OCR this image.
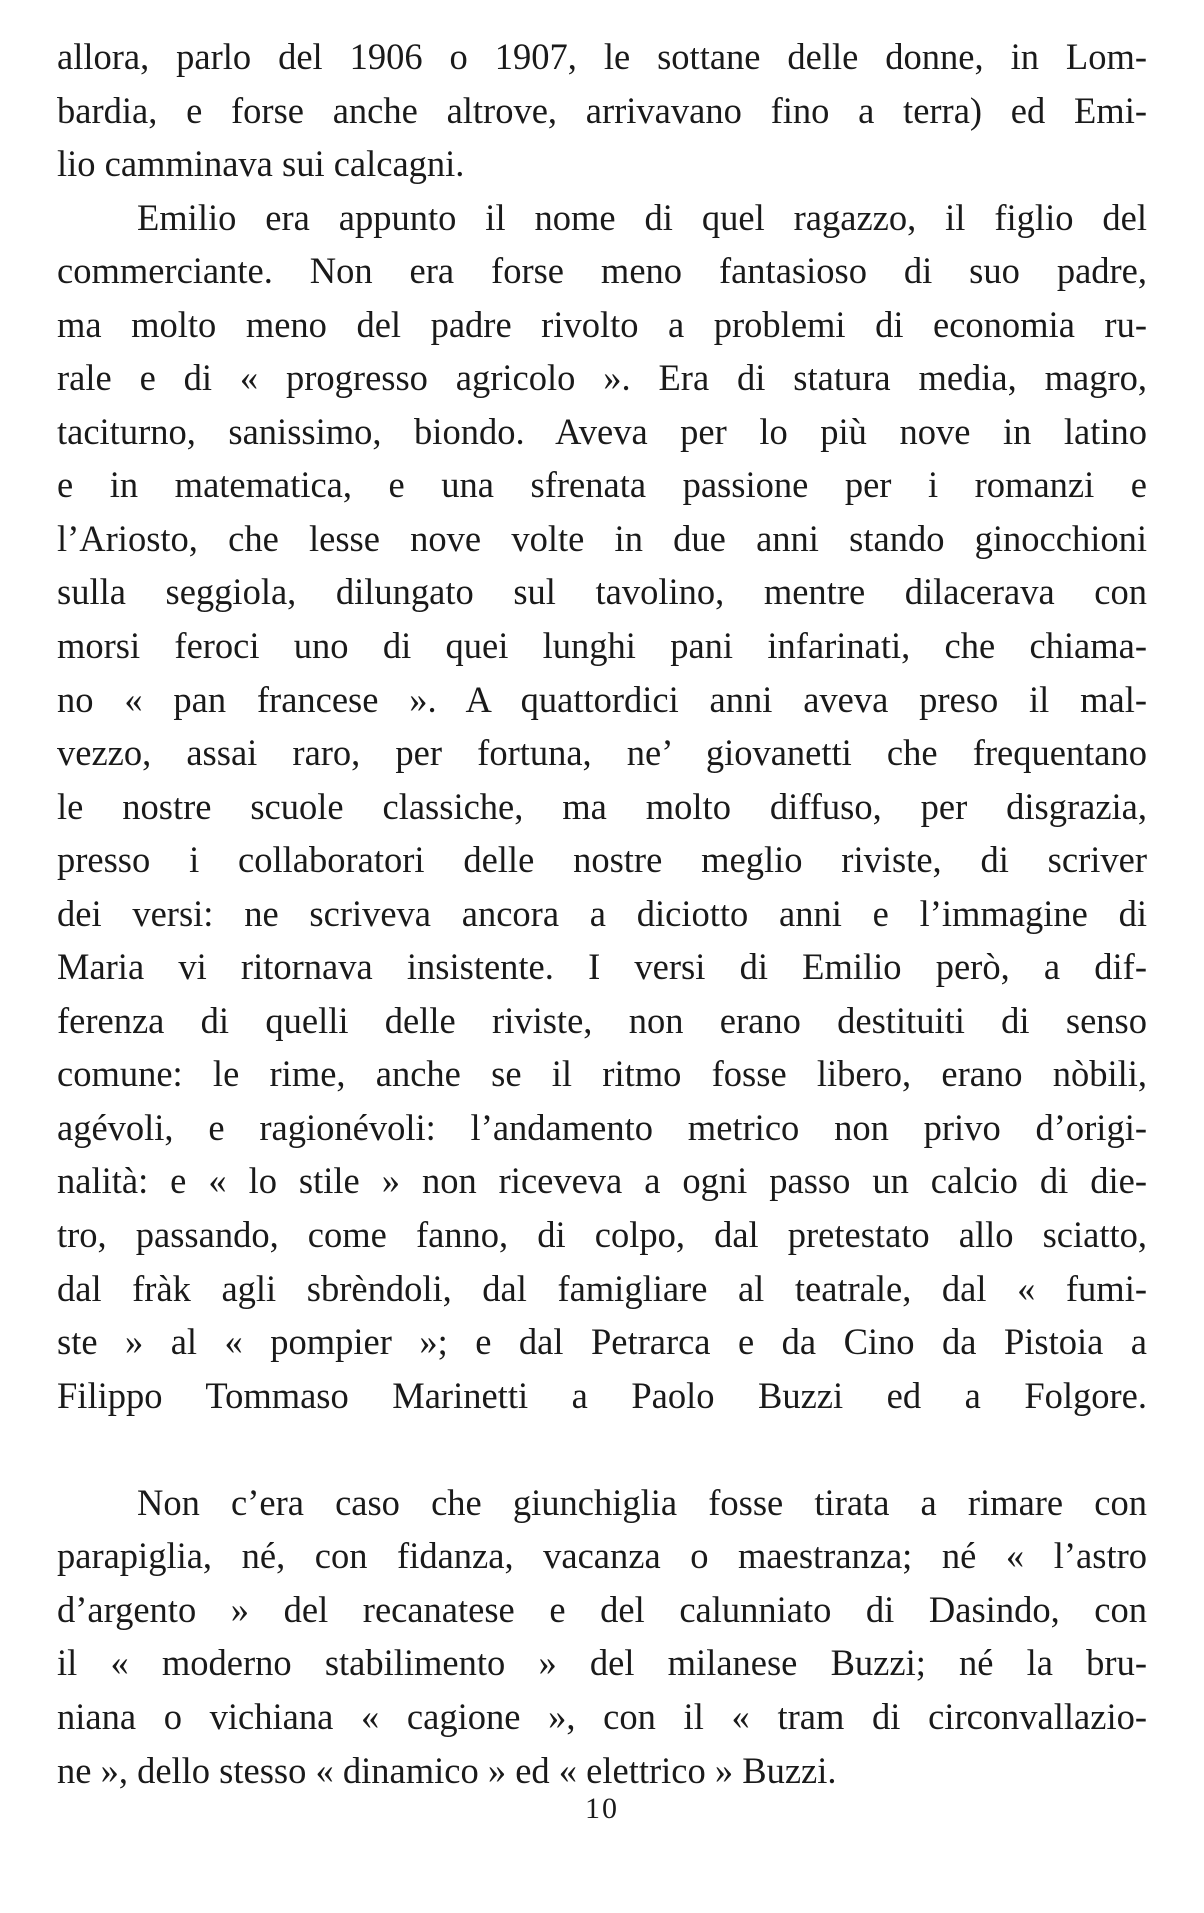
allora, parlo del 1906 o 1907, le sottane delle donne, in Lom-
bardia, e forse anche altrove, arrivavano fino a terra) ed Emi-
lio camminava sui calcagni.
Emilio era appunto il nome di quel ragazzo, il figlio del
commerciante. Non era forse meno fantasioso di suo padre,
ma molto meno del padre rivolto a problemi di economia ru-
rale e di « progresso agricolo ». Era di statura media, magro,
taciturno, sanissimo, biondo. Aveva per lo più nove in latino
e in matematica, e una sfrenata passione per i romanzi e
l’Ariosto, che lesse nove volte in due anni stando ginocchioni
sulla seggiola, dilungato sul tavolino, mentre dilacerava con
morsi feroci uno di quei lunghi pani infarinati, che chiama-
no « pan francese ». A quattordici anni aveva preso il mal-
vezzo, assai raro, per fortuna, ne’ giovanetti che frequentano
le nostre scuole classiche, ma molto diffuso, per disgrazia,
presso i collaboratori delle nostre meglio riviste, di scriver
dei versi: ne scriveva ancora a diciotto anni e l’immagine di
Maria vi ritornava insistente. I versi di Emilio però, a dif-
ferenza di quelli delle riviste, non erano destituiti di senso
comune: le rime, anche se il ritmo fosse libero, erano nòbili,
agévoli, e ragionévoli: l’andamento metrico non privo d’origi-
nalità: e « lo stile » non riceveva a ogni passo un calcio di die-
tro, passando, come fanno, di colpo, dal pretestato allo sciatto,
dal fràk agli sbrèndoli, dal famigliare al teatrale, dal « fumi-
ste » al « pompier »; e dal Petrarca e da Cino da Pistoia a
Filippo Tommaso Marinetti a Paolo Buzzi ed a Folgore.
Non c’era caso che giunchiglia fosse tirata a rimare con
parapiglia, né, con fidanza, vacanza o maestranza; né « l’astro
d’argento » del recanatese e del calunniato di Dasindo, con
il « moderno stabilimento » del milanese Buzzi; né la bru-
niana o vichiana « cagione », con il « tram di circonvallazio-
ne », dello stesso « dinamico » ed « elettrico » Buzzi.
10
